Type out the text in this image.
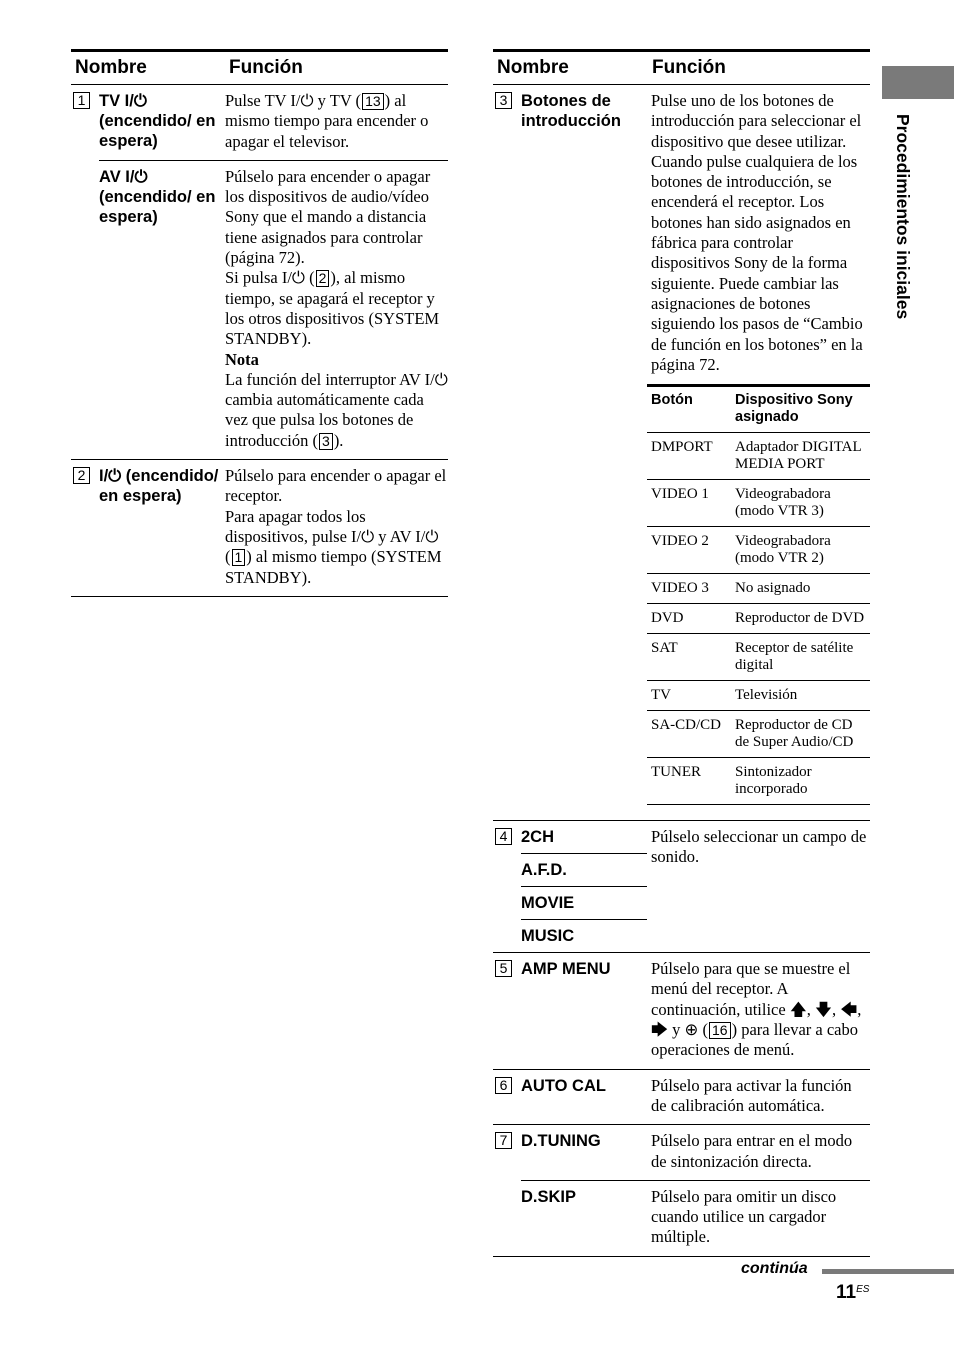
Nombre	Función
1 TV I/⏻ (encendido/ en espera)
Pulse TV I/⏻ y TV ( 13 ) al mismo tiempo para encender o apagar el televisor.
AV I/⏻ (encendido/ en espera)
Púlselo para encender o apagar los dispositivos de audio/vídeo Sony que el mando a distancia tiene asignados para controlar (página 72).
Si pulsa I/⏻ ( 2 ), al mismo tiempo, se apagará el receptor y los otros dispositivos (SYSTEM STANDBY).
Nota
La función del interruptor AV I/⏻ cambia automáticamente cada vez que pulsa los botones de introducción ( 3 ).
2 I/⏻ (encendido/ en espera)
Púlselo para encender o apagar el receptor.
Para apagar todos los dispositivos, pulse I/⏻ y AV I/⏻ ( 1 ) al mismo tiempo (SYSTEM STANDBY).
Nombre	Función
3 Botones de introducción
Pulse uno de los botones de introducción para seleccionar el dispositivo que desee utilizar. Cuando pulse cualquiera de los botones de introducción, se encenderá el receptor. Los botones han sido asignados en fábrica para controlar dispositivos Sony de la forma siguiente. Puede cambiar las asignaciones de botones siguiendo los pasos de “Cambio de función en los botones” en la página 72.
Botón	Dispositivo Sony asignado
DMPORT	Adaptador DIGITAL MEDIA PORT
VIDEO 1	Videograbadora (modo VTR 3)
VIDEO 2	Videograbadora (modo VTR 2)
VIDEO 3	No asignado
DVD	Reproductor de DVD
SAT	Receptor de satélite digital
TV	Televisión
SA-CD/CD Reproductor de CD de Super Audio/CD
TUNER	Sintonizador incorporado
4 2CH
A.F.D.
MOVIE
MUSIC
Púlselo seleccionar un campo de sonido.
5 AMP MENU	Púlselo para que se muestre el menú del receptor. A continuación, utilice 🡅, 🡇, 🡄, 🡆 y ⊕ ( 16 ) para llevar a cabo operaciones de menú.
6 AUTO CAL	Púlselo para activar la función de calibración automática.
7 D.TUNING	Púlselo para entrar en el modo de sintonización directa.
D.SKIP	Púlselo para omitir un disco cuando utilice un cargador múltiple.
Procedimientos iniciales
continúa
$11^{ES}$
